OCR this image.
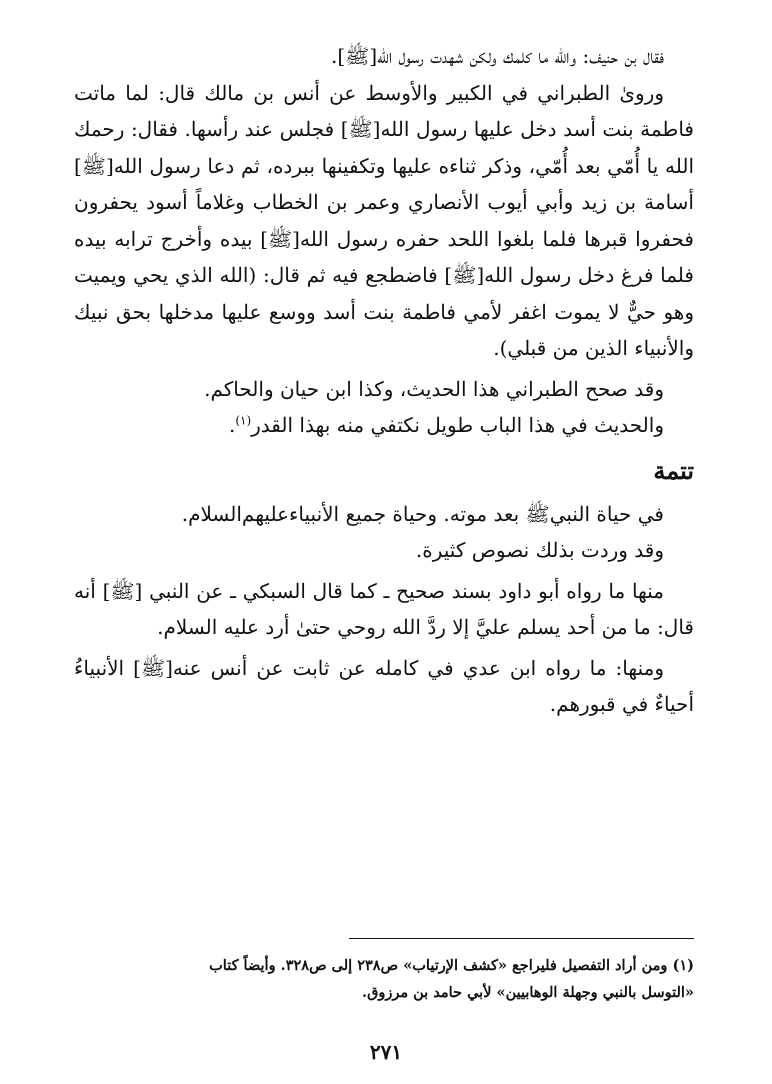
فقال بن حنيف: والله ما كلمك ولكن شهدت رسول الله[ﷺ].

وروىٰ الطبراني في الكبير والأوسط عن أنس بن مالك قال: لما ماتت فاطمة بنت أسد دخل عليها رسول الله[ﷺ] فجلس عند رأسها. فقال: رحمك الله يا أُمّي بعد أُمّي، وذكر ثناءه عليها وتكفينها ببرده، ثم دعا رسول الله[ﷺ] أسامة بن زيد وأبي أيوب الأنصاري وعمر بن الخطاب وغلاماً أسود يحفرون فحفروا قبرها فلما بلغوا اللحد حفره رسول الله[ﷺ] بيده وأخرج ترابه بيده فلما فرغ دخل رسول الله[ﷺ] فاضطجع فيه ثم قال: (الله الذي يحي ويميت وهو حيٌّ لا يموت اغفر لأمي فاطمة بنت أسد ووسع عليها مدخلها بحق نبيك والأنبياء الذين من قبلي).

وقد صحح الطبراني هذا الحديث، وكذا ابن حيان والحاكم.

والحديث في هذا الباب طويل نكتفي منه بهذا القدر$^{(١)}$.

تتمة

في حياة النبيﷺ بعد موته. وحياة جميع الأنبياء‌عليهم‌السلام.

وقد وردت بذلك نصوص كثيرة.

منها ما رواه أبو داود بسند صحيح ـ كما قال السبكي ـ عن النبي [ﷺ] أنه قال: ما من أحد يسلم عليَّ إلا ردَّ الله روحي حتىٰ أرد عليه السلام.

ومنها: ما رواه ابن عدي في كامله عن ثابت عن أنس عنه[ﷺ] الأنبياءُ أحياءٌ في قبورهم.

(١) ومن أراد التفصيل فليراجع «كشف الإرتياب» ص٢٣٨ إلى ص٣٢٨. وأيضاً كتاب

«التوسل بالنبي وجهلة الوهابيين» لأبي حامد بن مرزوق.

٢٧١
